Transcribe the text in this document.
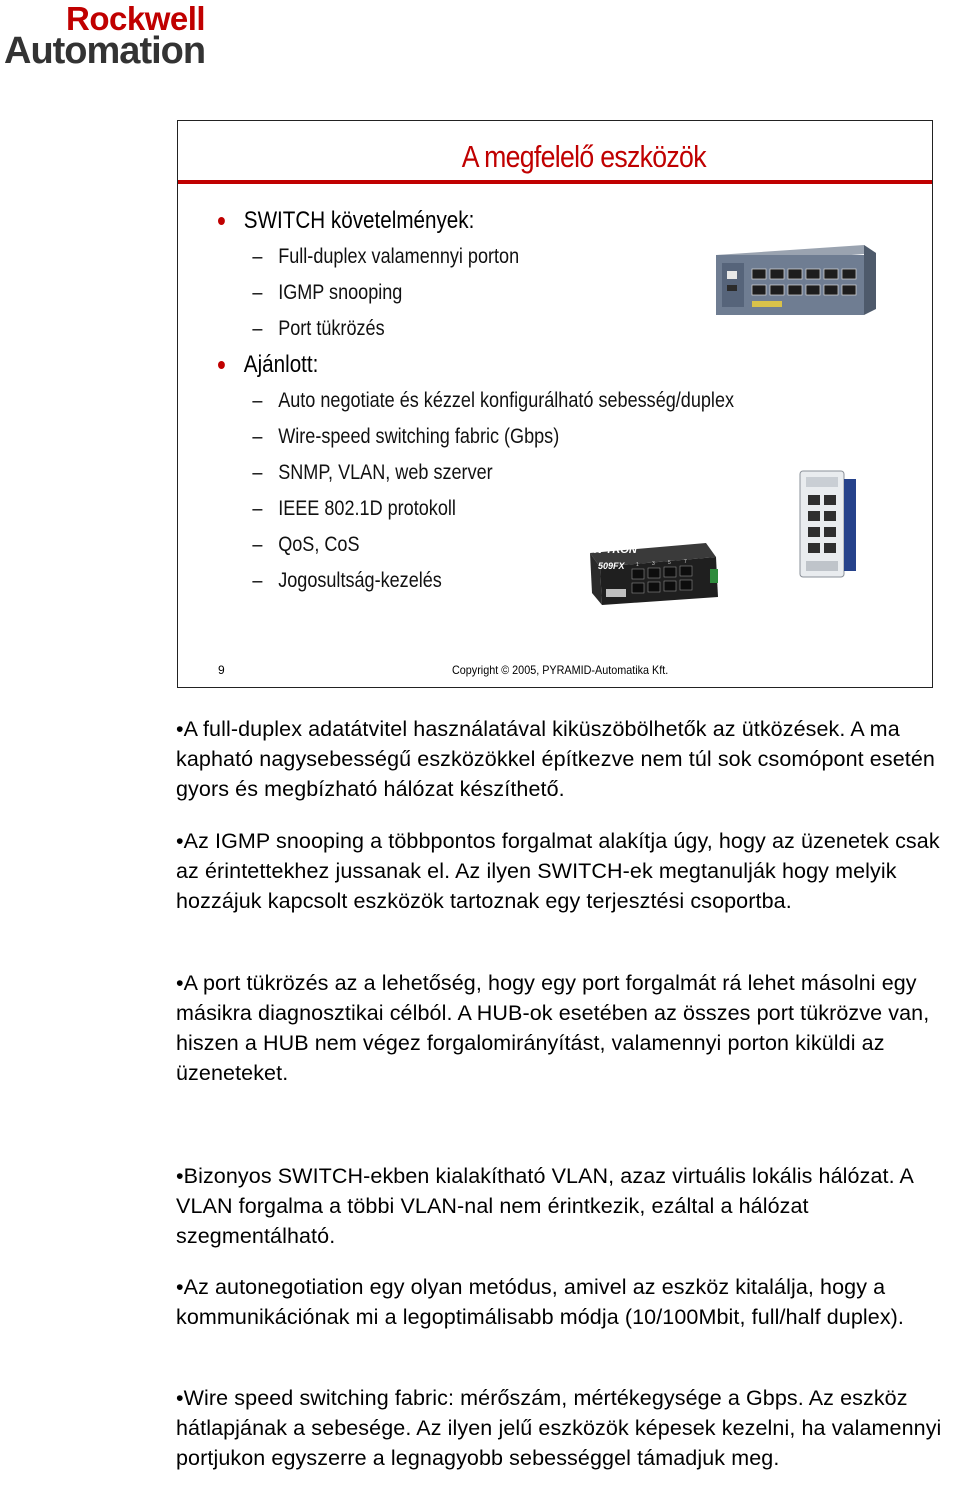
Rockwell
Automation
A megfelelő eszközök
SWITCH követelmények:
– Full-duplex valamennyi porton
– IGMP snooping
– Port tükrözés
Ajánlott:
– Auto negotiate és kézzel konfigurálható sebesség/duplex
– Wire-speed switching fabric (Gbps)
– SNMP, VLAN, web szerver
– IEEE 802.1D protokoll
– QoS, CoS
– Jogosultság-kezelés
N-TRON
509FX 1	3	5	7
9	Copyright © 2005, PYRAMID-Automatika Kft.
•A full-duplex adatátvitel használatával kiküszöbölhetők az ütközések. A ma kapható nagysebességű eszközökkel építkezve nem túl sok csomópont esetén gyors és megbízható hálózat készíthető.
•Az IGMP snooping a többpontos forgalmat alakítja úgy, hogy az üzenetek csak az érintettekhez jussanak el. Az ilyen SWITCH-ek megtanulják hogy melyik hozzájuk kapcsolt eszközök tartoznak egy terjesztési csoportba.
•A port tükrözés az a lehetőség, hogy egy port forgalmát rá lehet másolni egy másikra diagnosztikai célból. A HUB-ok esetében az összes port tükrözve van, hiszen a HUB nem végez forgalomirányítást, valamennyi porton kiküldi az üzeneteket.
•Bizonyos SWITCH-ekben kialakítható VLAN, azaz virtuális lokális hálózat. A VLAN forgalma a többi VLAN-nal nem érintkezik, ezáltal a hálózat szegmentálható.
•Az autonegotiation egy olyan metódus, amivel az eszköz kitalálja, hogy a kommunikációnak mi a legoptimálisabb módja (10/100Mbit, full/half duplex).
•Wire speed switching fabric: mérőszám, mértékegysége a Gbps. Az eszköz hátlapjának a sebesége. Az ilyen jelű eszközök képesek kezelni, ha valamennyi portjukon egyszerre a legnagyobb sebességgel támadjuk meg.
